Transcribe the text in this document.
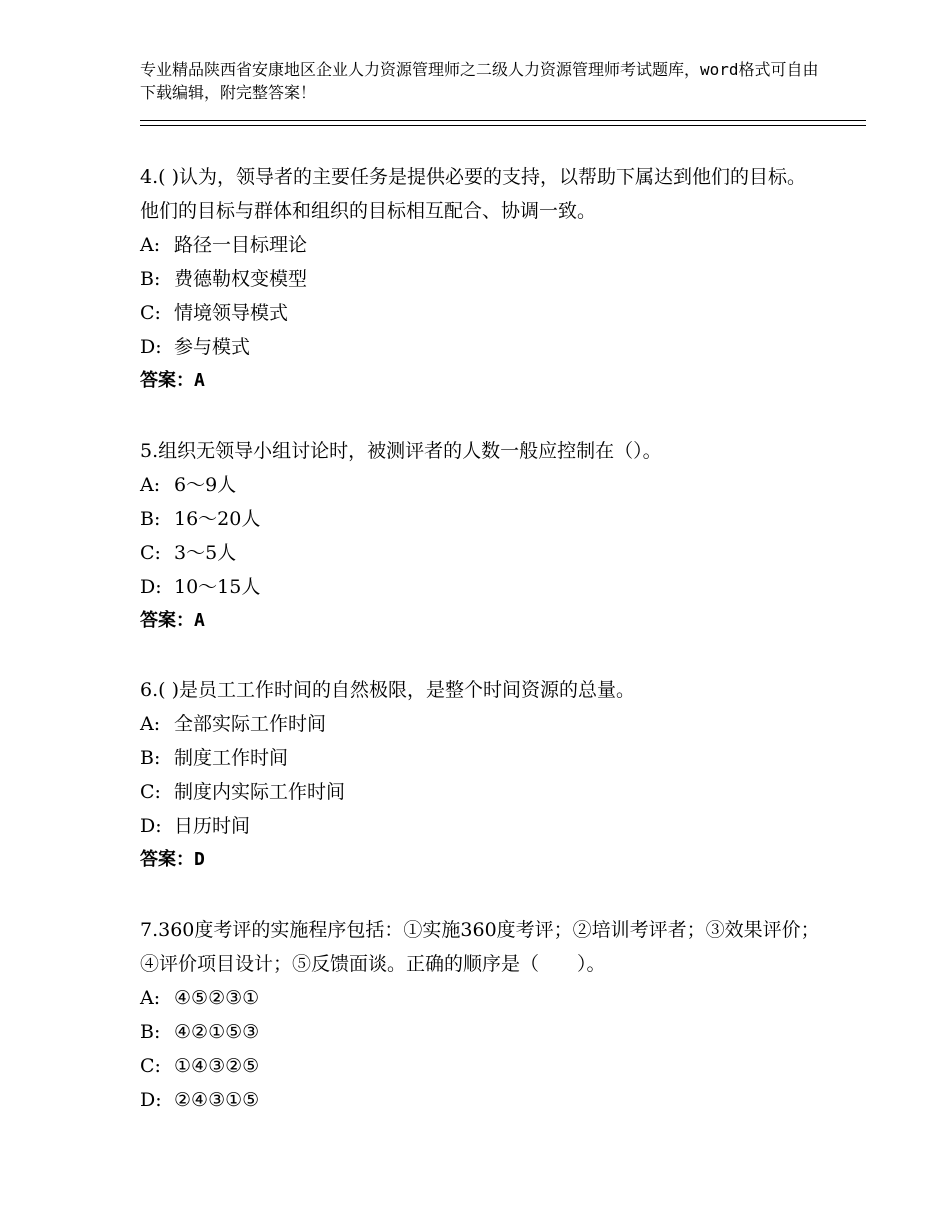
专业精品陕西省安康地区企业人力资源管理师之二级人力资源管理师考试题库，word格式可自由下载编辑，附完整答案！

4.( )认为，领导者的主要任务是提供必要的支持，以帮助下属达到他们的目标。他们的目标与群体和组织的目标相互配合、协调一致。

A: 路径一目标理论

B: 费德勒权变模型

C: 情境领导模式

D: 参与模式

答案：A

5.组织无领导小组讨论时，被测评者的人数一般应控制在（）。

A: 6～9人

B: 16～20人

C: 3～5人

D: 10～15人

答案：A

6.( )是员工工作时间的自然极限，是整个时间资源的总量。

A: 全部实际工作时间

B: 制度工作时间

C: 制度内实际工作时间

D: 日历时间

答案：D

7.360度考评的实施程序包括：①实施360度考评；②培训考评者；③效果评价；④评价项目设计；⑤反馈面谈。正确的顺序是（　　）。

A: ④⑤②③①

B: ④②①⑤③

C: ①④③②⑤

D: ②④③①⑤
